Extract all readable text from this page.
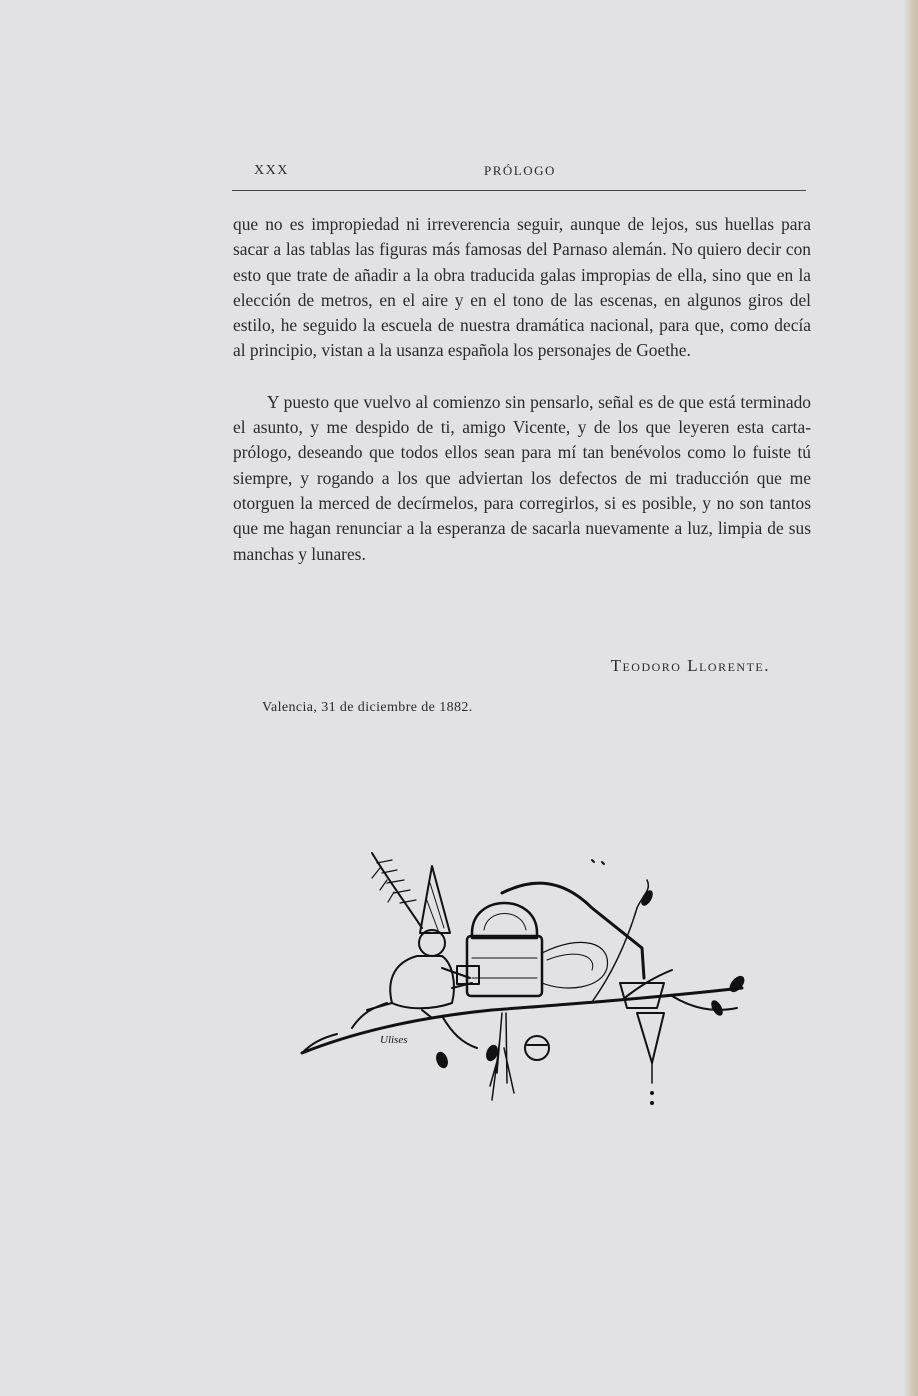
XXX	PRÓLOGO

que no es impropiedad ni irreverencia seguir, aunque de lejos, sus huellas para sacar a las tablas las figuras más famosas del Parnaso alemán. No quiero decir con esto que trate de añadir a la obra traducida galas impropias de ella, sino que en la elección de metros, en el aire y en el tono de las escenas, en algunos giros del estilo, he seguido la escuela de nuestra dramática nacional, para que, como decía al principio, vistan a la usanza española los personajes de Goethe.

Y puesto que vuelvo al comienzo sin pensarlo, señal es de que está terminado el asunto, y me despido de ti, amigo Vicente, y de los que leyeren esta carta-prólogo, deseando que todos ellos sean para mí tan benévolos como lo fuiste tú siempre, y rogando a los que adviertan los defectos de mi traducción que me otorguen la merced de decírmelos, para corregirlos, si es posible, y no son tantos que me hagan renunciar a la esperanza de sacarla nuevamente a luz, limpia de sus manchas y lunares.

Teodoro Llorente.
Valencia, 31 de diciembre de 1882.
Ulises
